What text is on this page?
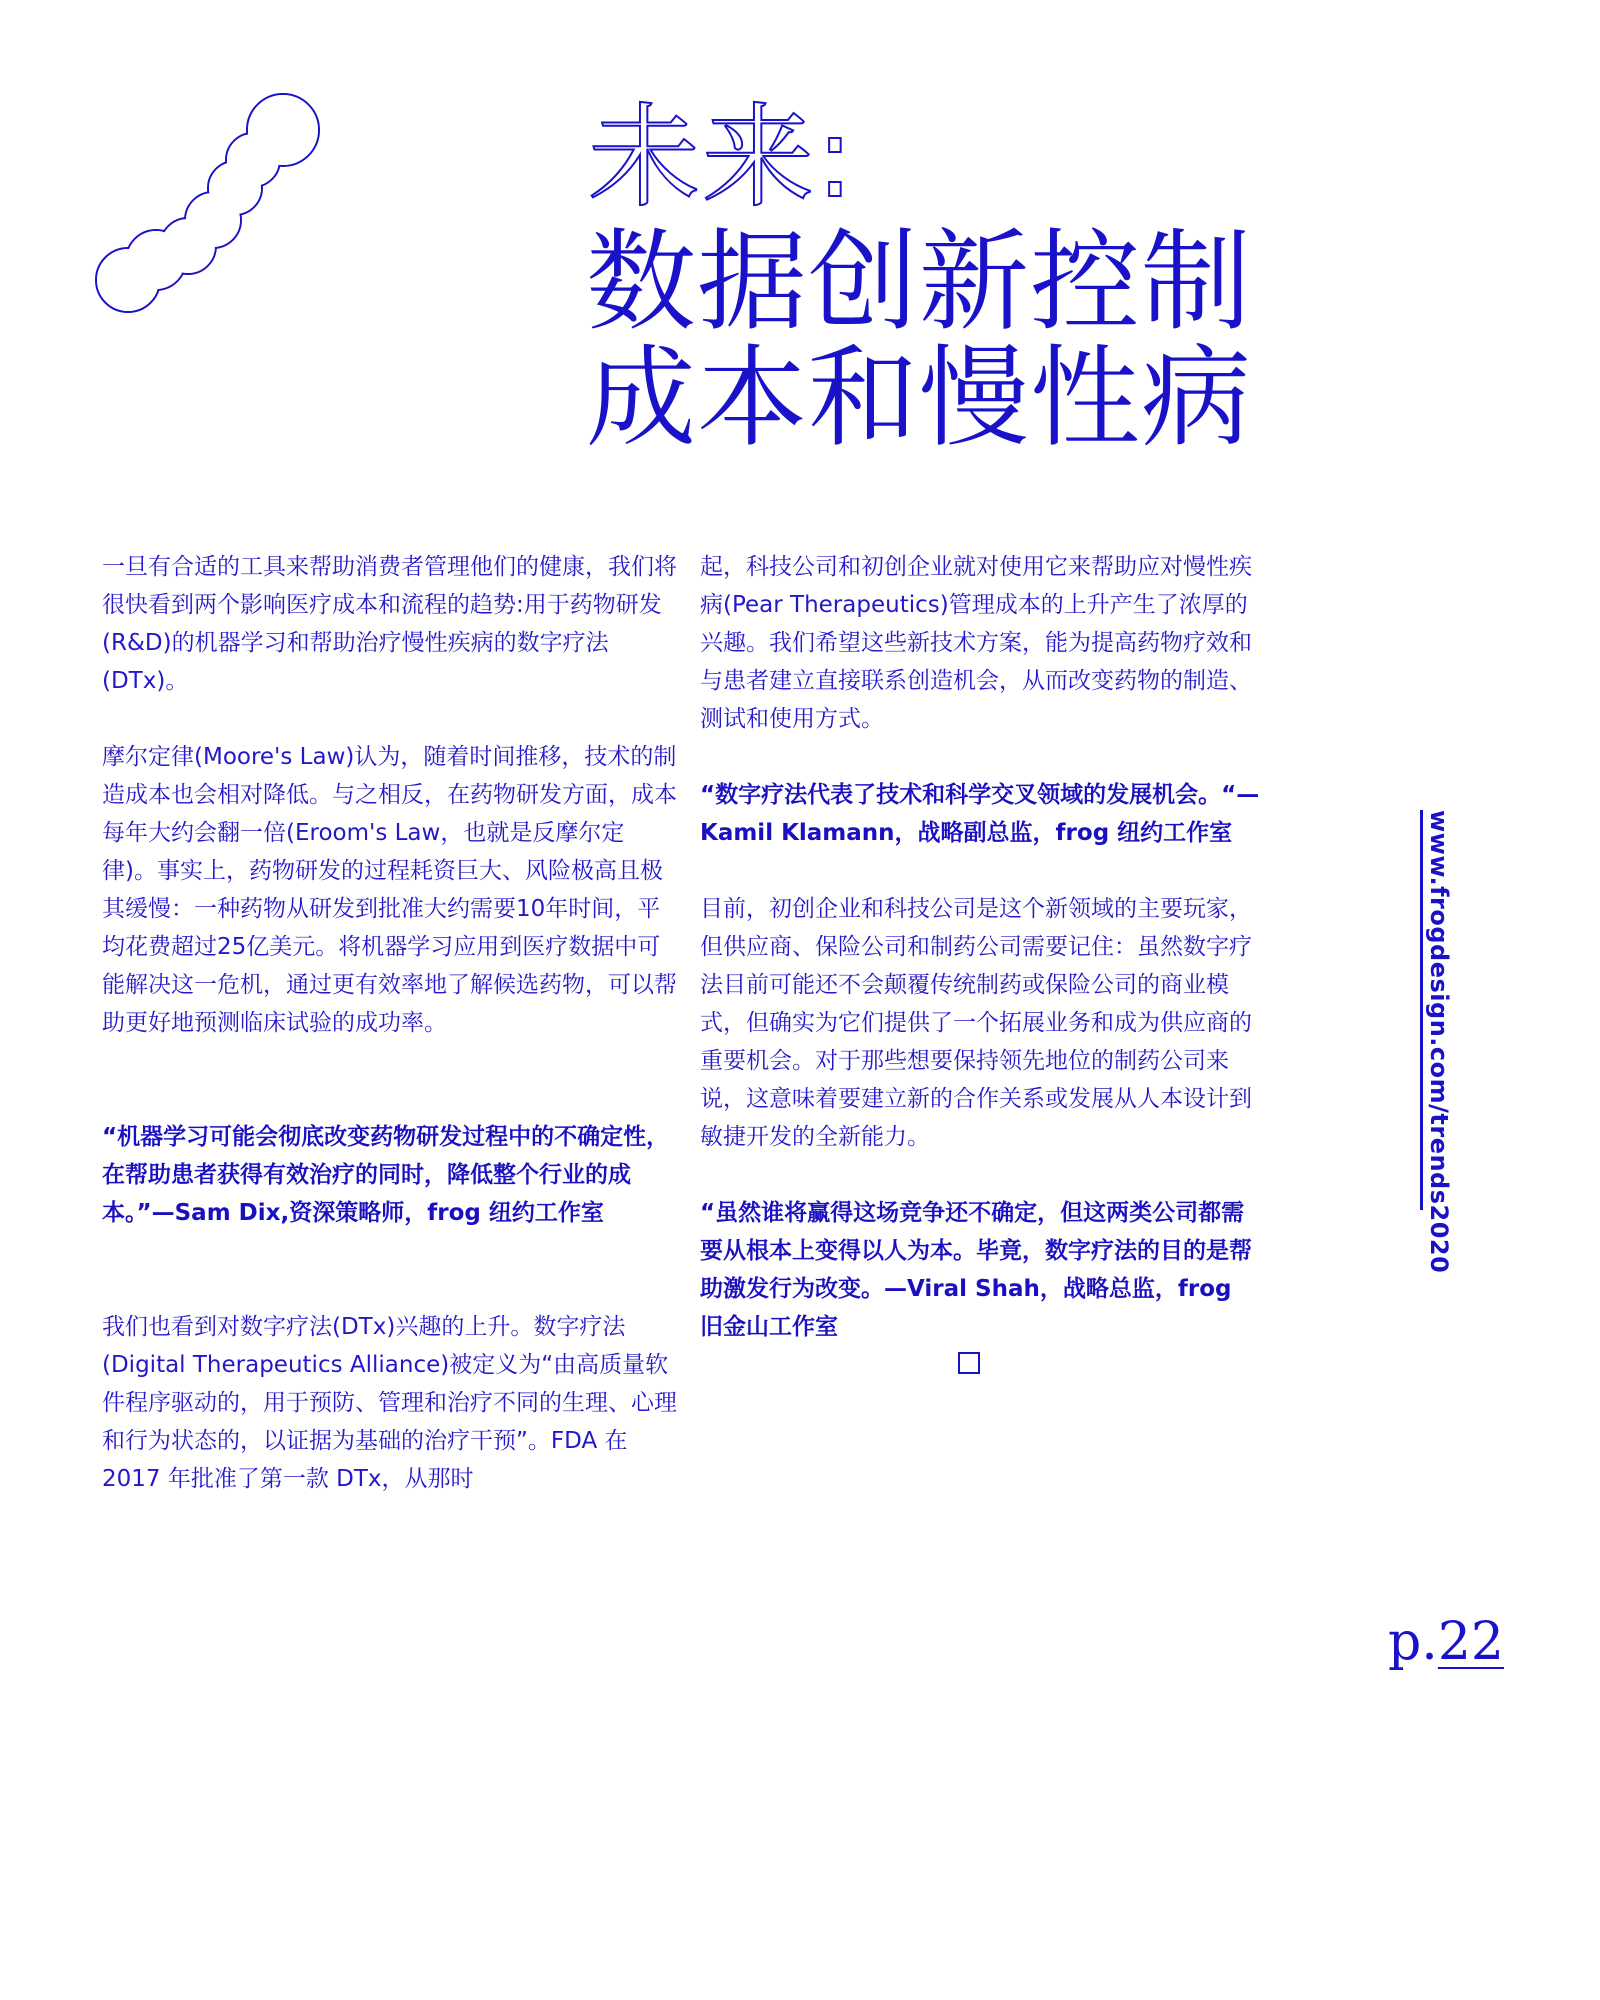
未来:
数据创新控制
成本和慢性病

一旦有合适的工具来帮助消费者管理他们的健康，我们将很快看到两个影响医疗成本和流程的趋势:用于药物研发(R&D)的机器学习和帮助治疗慢性疾病的数字疗法(DTx)。

摩尔定律(Moore's Law)认为，随着时间推移，技术的制造成本也会相对降低。与之相反，在药物研发方面，成本每年大约会翻一倍(Eroom's Law，也就是反摩尔定律)。事实上，药物研发的过程耗资巨大、风险极高且极其缓慢：一种药物从研发到批准大约需要10年时间，平均花费超过25亿美元。将机器学习应用到医疗数据中可能解决这一危机，通过更有效率地了解候选药物，可以帮助更好地预测临床试验的成功率。

“机器学习可能会彻底改变药物研发过程中的不确定性，在帮助患者获得有效治疗的同时，降低整个行业的成本。”—Sam Dix,资深策略师，frog 纽约工作室

我们也看到对数字疗法(DTx)兴趣的上升。数字疗法(Digital Therapeutics Alliance)被定义为“由高质量软件程序驱动的，用于预防、管理和治疗不同的生理、心理和行为状态的，以证据为基础的治疗干预”。FDA 在 2017 年批准了第一款 DTx，从那时

起，科技公司和初创企业就对使用它来帮助应对慢性疾病(Pear Therapeutics)管理成本的上升产生了浓厚的兴趣。我们希望这些新技术方案，能为提高药物疗效和与患者建立直接联系创造机会，从而改变药物的制造、测试和使用方式。

“数字疗法代表了技术和科学交叉领域的发展机会。“—Kamil Klamann，战略副总监，frog 纽约工作室

目前，初创企业和科技公司是这个新领域的主要玩家，但供应商、保险公司和制药公司需要记住：虽然数字疗法目前可能还不会颠覆传统制药或保险公司的商业模式，但确实为它们提供了一个拓展业务和成为供应商的重要机会。对于那些想要保持领先地位的制药公司来说，这意味着要建立新的合作关系或发展从人本设计到敏捷开发的全新能力。

“虽然谁将赢得这场竞争还不确定，但这两类公司都需要从根本上变得以人为本。毕竟，数字疗法的目的是帮助激发行为改变。—Viral Shah，战略总监，frog 旧金山工作室

www.frogdesign.com/trends2020
p.22
